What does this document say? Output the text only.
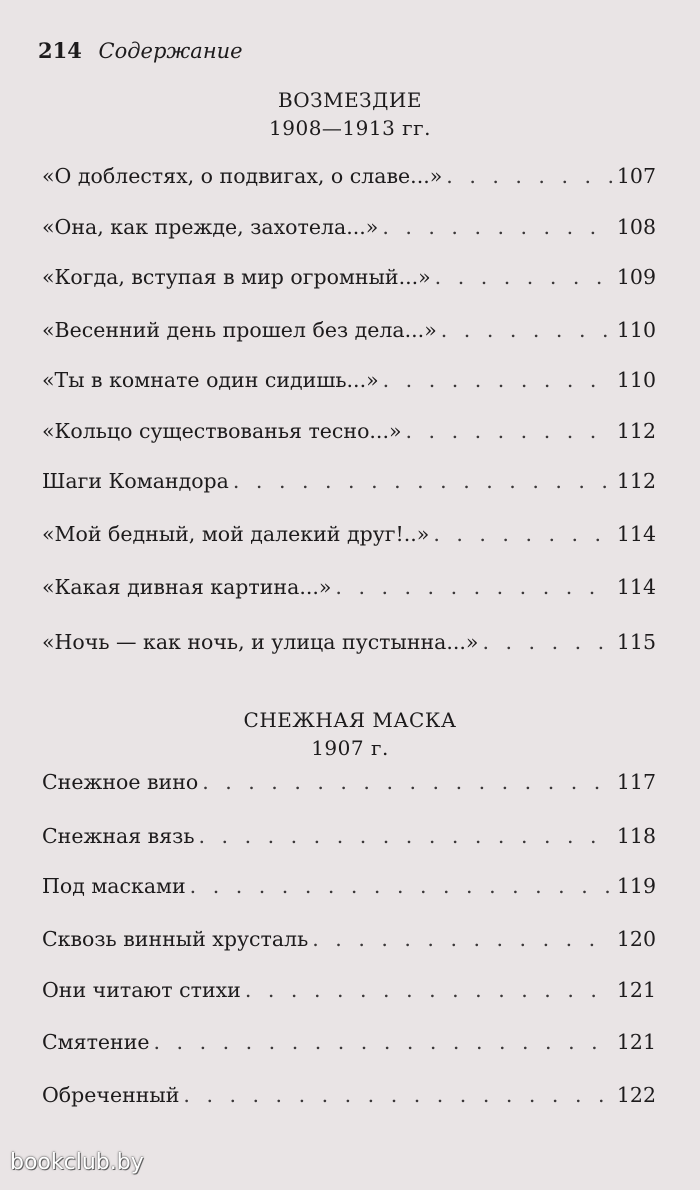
214 Содержание
ВОЗМЕЗДИЕ
1908—1913 гг.
«О доблестях, о подвигах, о славе...» . . .	107
«Она, как прежде, захотела...» . . .	108
«Когда, вступая в мир огромный...» . . .	109
«Весенний день прошел без дела...» . . .	110
«Ты в комнате один сидишь...» . . .	110
«Кольцо существованья тесно...» . . .	112
Шаги Командора . . .	112
«Мой бедный, мой далекий друг!..» . . .	114
«Какая дивная картина...» . . .	114
«Ночь — как ночь, и улица пустынна...» . . .	115
СНЕЖНАЯ МАСКА
1907 г.
Снежное вино . . .	117
Снежная вязь . . .	118
Под масками . . .	119
Сквозь винный хрусталь . . .	120
Они читают стихи . . .	121
Смятение . . .	121
Обреченный . . .	122
bookclub.by
